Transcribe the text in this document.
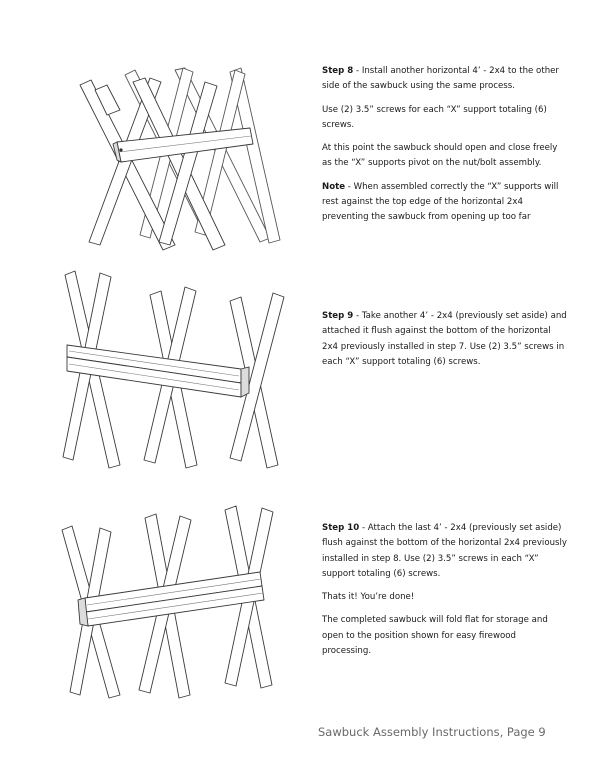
Step 8 - Install another horizontal 4’ - 2x4 to the other side of the sawbuck using the same process.

Use (2) 3.5” screws for each “X” support totaling (6) screws.

At this point the sawbuck should open and close freely as the “X” supports pivot on the nut/bolt assembly.

Note - When assembled correctly the “X” supports will rest against the top edge of the horizontal 2x4 preventing the sawbuck from opening up too far

Step 9 - Take another 4’ - 2x4 (previously set aside) and attached it flush against the bottom of the horizontal 2x4 previously installed in step 7. Use (2) 3.5” screws in each “X” support totaling (6) screws.

Step 10 - Attach the last 4’ - 2x4 (previously set aside) flush against the bottom of the horizontal 2x4 previously installed in step 8. Use (2) 3.5” screws in each “X” support totaling (6) screws.

Thats it! You’re done!

The completed sawbuck will fold flat for storage and open to the position shown for easy firewood processing.

Sawbuck Assembly Instructions, Page 9
